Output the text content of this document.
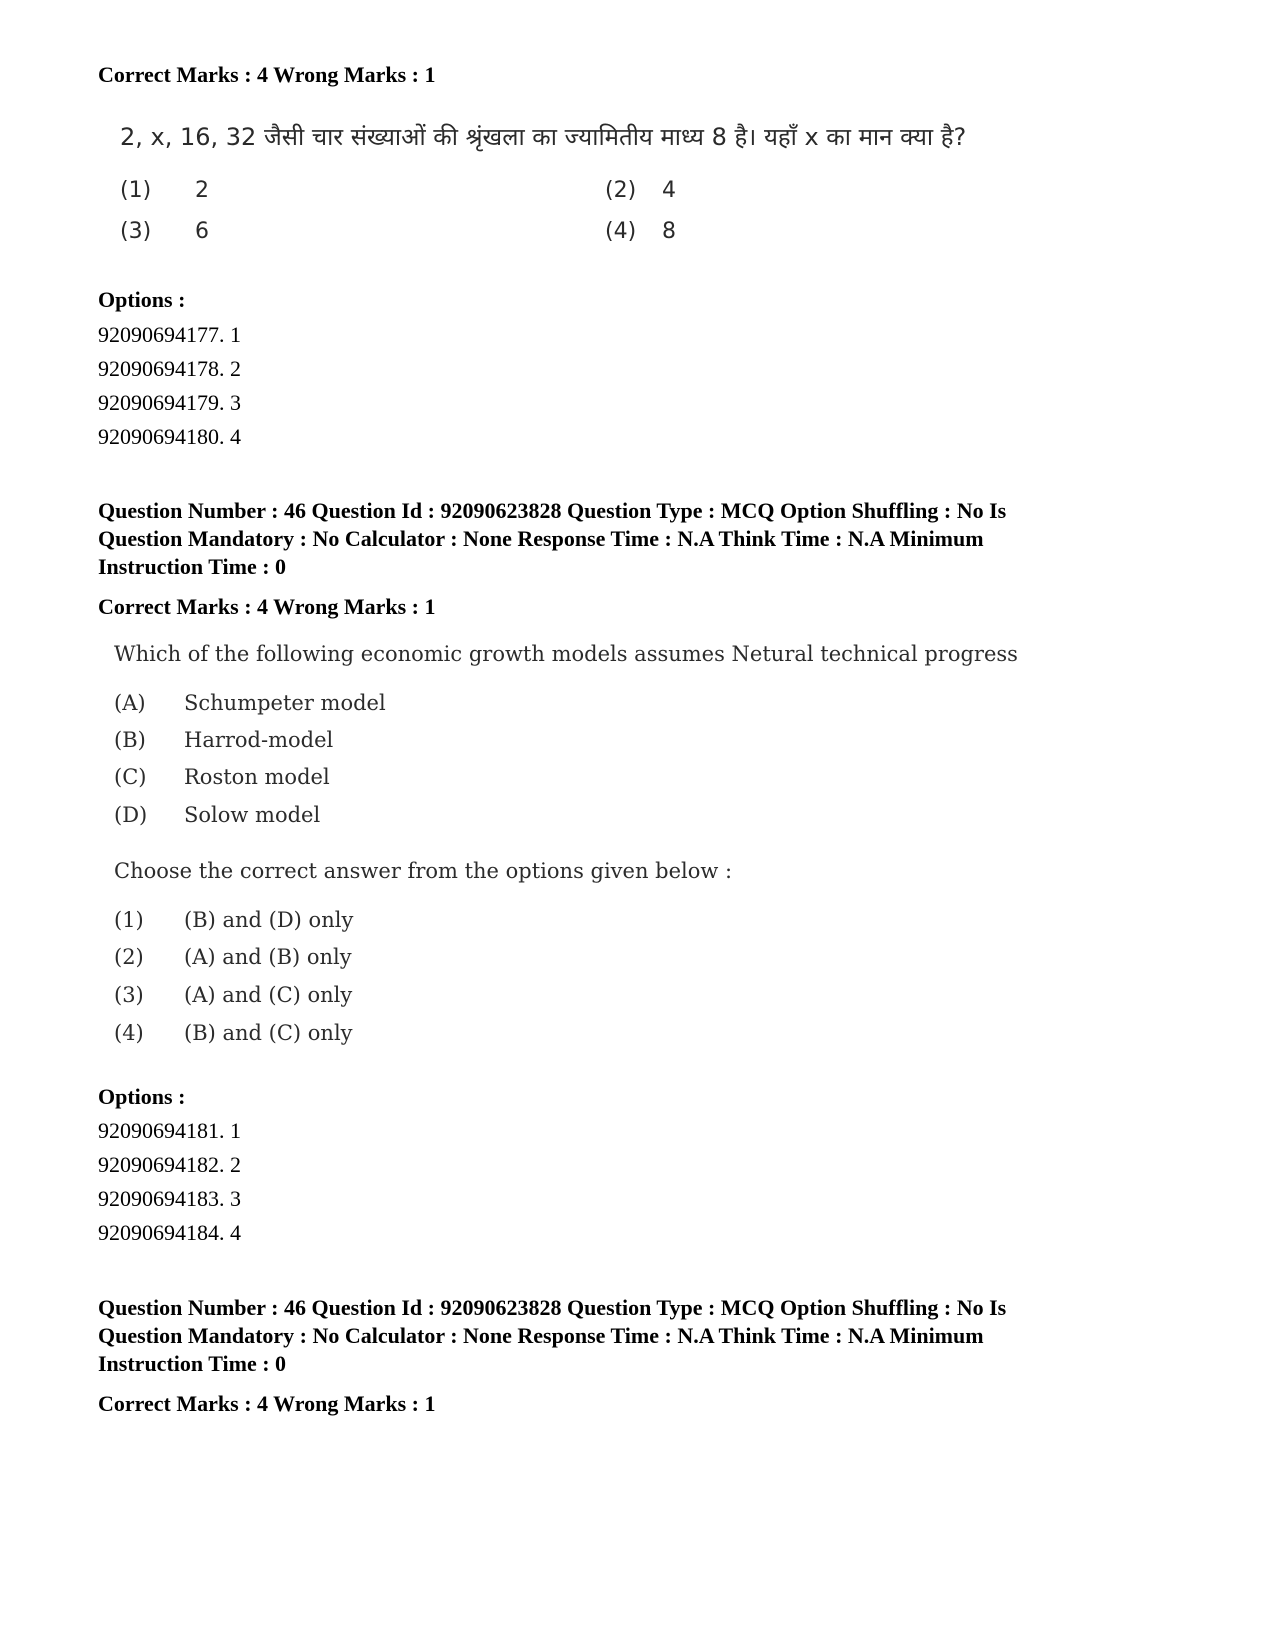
Correct Marks : 4 Wrong Marks : 1
2, x, 16, 32 जैसी चार संख्याओं की श्रृंखला का ज्यामितीय माध्य 8 है। यहाँ x का मान क्या है?
(1) 2	(2) 4
(3) 6	(4) 8
Options :
92090694177. 1
92090694178. 2
92090694179. 3
92090694180. 4
Question Number : 46 Question Id : 92090623828 Question Type : MCQ Option Shuffling : No Is
Question Mandatory : No Calculator : None Response Time : N.A Think Time : N.A Minimum
Instruction Time : 0
Correct Marks : 4 Wrong Marks : 1
Which of the following economic growth models assumes Netural technical progress
(A) Schumpeter model
(B) Harrod-model
(C) Roston model
(D) Solow model
Choose the correct answer from the options given below :
(1) (B) and (D) only
(2) (A) and (B) only
(3) (A) and (C) only
(4) (B) and (C) only
Options :
92090694181. 1
92090694182. 2
92090694183. 3
92090694184. 4
Question Number : 46 Question Id : 92090623828 Question Type : MCQ Option Shuffling : No Is
Question Mandatory : No Calculator : None Response Time : N.A Think Time : N.A Minimum
Instruction Time : 0
Correct Marks : 4 Wrong Marks : 1
